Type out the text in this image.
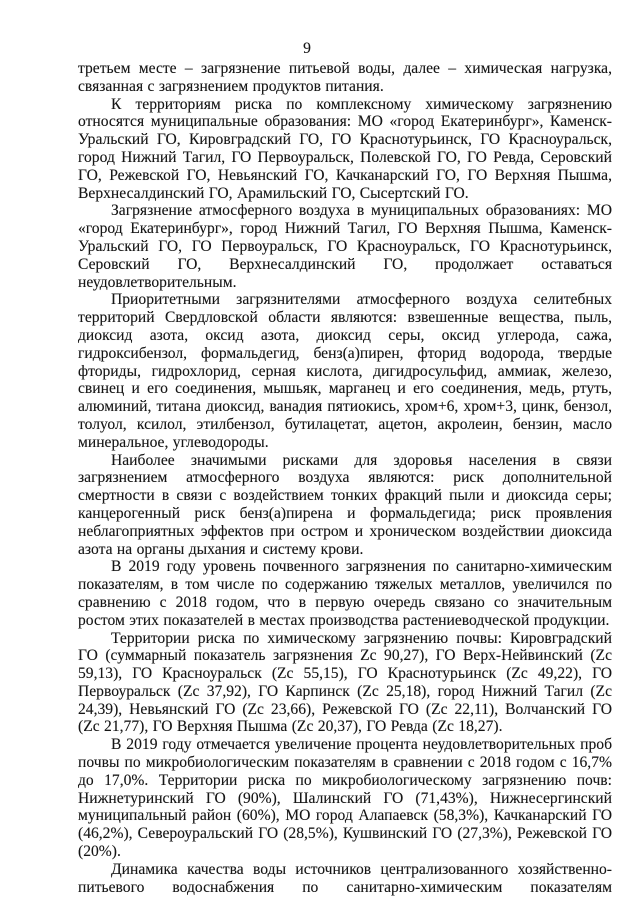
9

третьем месте – загрязнение питьевой воды, далее – химическая нагрузка, связанная с загрязнением продуктов питания.

К территориям риска по комплексному химическому загрязнению относятся муниципальные образования: МО «город Екатеринбург», Каменск-Уральский ГО, Кировградский ГО, ГО Краснотурьинск, ГО Красноуральск, город Нижний Тагил, ГО Первоуральск, Полевской ГО, ГО Ревда, Серовский ГО, Режевской ГО, Невьянский ГО, Качканарский ГО, ГО Верхняя Пышма, Верхнесалдинский ГО, Арамильский ГО, Сысертский ГО.

Загрязнение атмосферного воздуха в муниципальных образованиях: МО «город Екатеринбург», город Нижний Тагил, ГО Верхняя Пышма, Каменск-Уральский ГО, ГО Первоуральск, ГО Красноуральск, ГО Краснотурьинск, Серовский ГО, Верхнесалдинский ГО, продолжает оставаться неудовлетворительным.

Приоритетными загрязнителями атмосферного воздуха селитебных территорий Свердловской области являются: взвешенные вещества, пыль, диоксид азота, оксид азота, диоксид серы, оксид углерода, сажа, гидроксибензол, формальдегид, бенз(а)пирен, фторид водорода, твердые фториды, гидрохлорид, серная кислота, дигидросульфид, аммиак, железо, свинец и его соединения, мышьяк, марганец и его соединения, медь, ртуть, алюминий, титана диоксид, ванадия пятиокись, хром+6, хром+3, цинк, бензол, толуол, ксилол, этилбензол, бутилацетат, ацетон, акролеин, бензин, масло минеральное, углеводороды.

Наиболее значимыми рисками для здоровья населения в связи загрязнением атмосферного воздуха являются: риск дополнительной смертности в связи с воздействием тонких фракций пыли и диоксида серы; канцерогенный риск бенз(а)пирена и формальдегида; риск проявления неблагоприятных эффектов при остром и хроническом воздействии диоксида азота на органы дыхания и систему крови.

В 2019 году уровень почвенного загрязнения по санитарно-химическим показателям, в том числе по содержанию тяжелых металлов, увеличился по сравнению с 2018 годом, что в первую очередь связано со значительным ростом этих показателей в местах производства растениеводческой продукции.

Территории риска по химическому загрязнению почвы: Кировградский ГО (суммарный показатель загрязнения Zc 90,27), ГО Верх-Нейвинский (Zc 59,13), ГО Красноуральск (Zc 55,15), ГО Краснотурьинск (Zc 49,22), ГО Первоуральск (Zc 37,92), ГО Карпинск (Zc 25,18), город Нижний Тагил (Zc 24,39), Невьянский ГО (Zc 23,66), Режевской ГО (Zc 22,11), Волчанский ГО (Zc 21,77), ГО Верхняя Пышма (Zc 20,37), ГО Ревда (Zc 18,27).

В 2019 году отмечается увеличение процента неудовлетворительных проб почвы по микробиологическим показателям в сравнении с 2018 годом с 16,7% до 17,0%. Территории риска по микробиологическому загрязнению почв: Нижнетуринский ГО (90%), Шалинский ГО (71,43%), Нижнесергинский муниципальный район (60%), МО город Алапаевск (58,3%), Качканарский ГО (46,2%), Североуральский ГО (28,5%), Кушвинский ГО (27,3%), Режевской ГО (20%).

Динамика качества воды источников централизованного хозяйственно-питьевого водоснабжения по санитарно-химическим показателям
